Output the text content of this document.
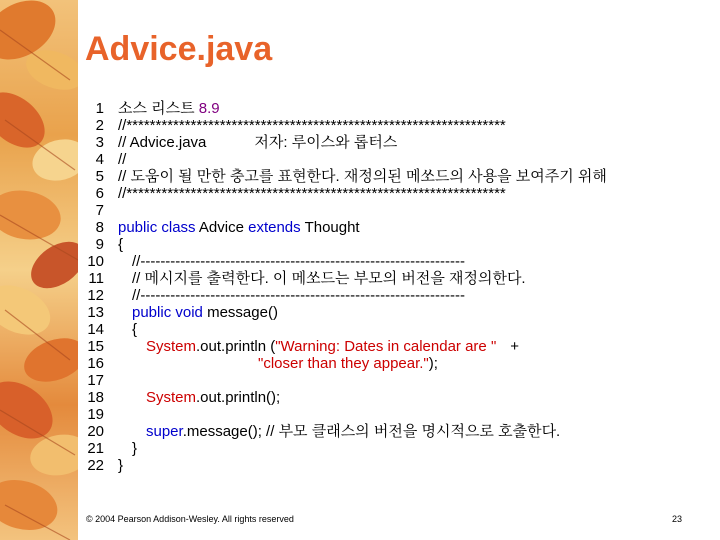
Advice.java
1 소스 리스트 8.9
2 //*****************************************************************
3 // Advice.java	저자: 루이스와 롭터스
4 //
5 // 도움이 될 만한 충고를 표현한다. 재정의된 메쏘드의 사용을 보여주기 위해
6 //*****************************************************************
7
8 public class Advice extends Thought
9 {
10 //-----------------------------------------------------------------
11 // 메시지를 출력한다. 이 메쏘드는 부모의 버전을 재정의한다.
12 //-----------------------------------------------------------------
13 public void message()
14 {
15	System.out.println ("Warning: Dates in calendar are " +
16	"closer than they appear.");
17
18	System.out.println();
19
20	super.message(); // 부모 클래스의 버전을 명시적으로 호출한다.
21 }
22 }
© 2004 Pearson Addison-Wesley. All rights reserved	23
